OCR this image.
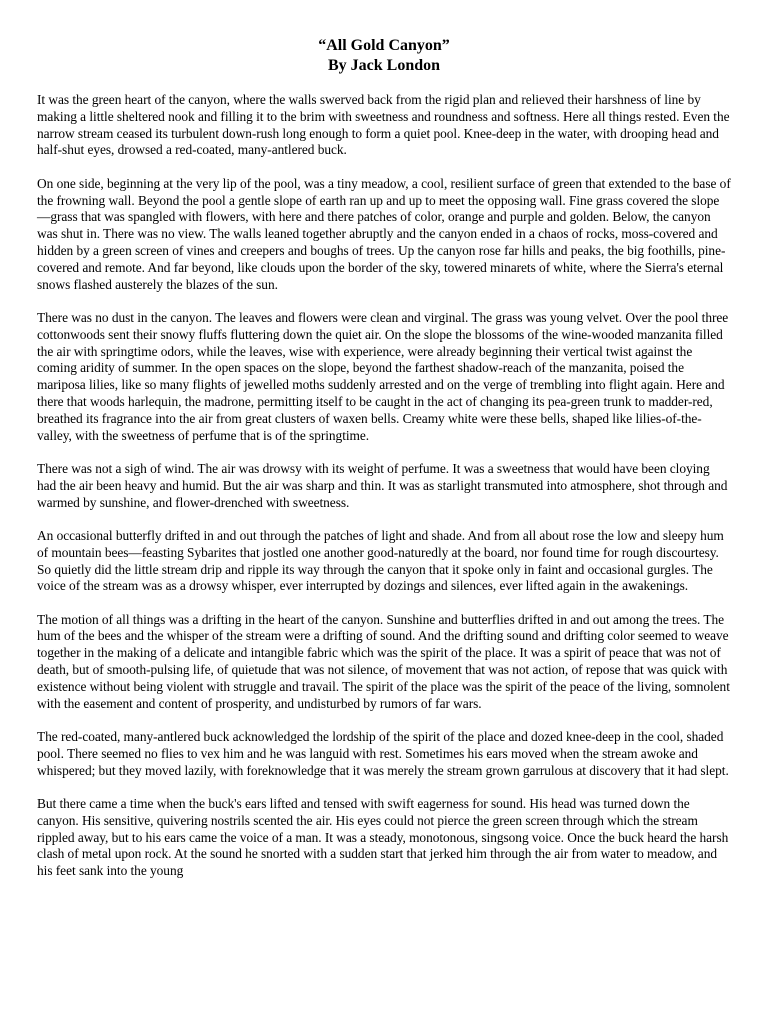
“All Gold Canyon”
By Jack London

It was the green heart of the canyon, where the walls swerved back from the rigid plan and relieved their harshness of line by making a little sheltered nook and filling it to the brim with sweetness and roundness and softness. Here all things rested. Even the narrow stream ceased its turbulent down-rush long enough to form a quiet pool. Knee-deep in the water, with drooping head and half-shut eyes, drowsed a red-coated, many-antlered buck.

On one side, beginning at the very lip of the pool, was a tiny meadow, a cool, resilient surface of green that extended to the base of the frowning wall. Beyond the pool a gentle slope of earth ran up and up to meet the opposing wall. Fine grass covered the slope—grass that was spangled with flowers, with here and there patches of color, orange and purple and golden. Below, the canyon was shut in. There was no view. The walls leaned together abruptly and the canyon ended in a chaos of rocks, moss-covered and hidden by a green screen of vines and creepers and boughs of trees. Up the canyon rose far hills and peaks, the big foothills, pine-covered and remote. And far beyond, like clouds upon the border of the sky, towered minarets of white, where the Sierra's eternal snows flashed austerely the blazes of the sun.

There was no dust in the canyon. The leaves and flowers were clean and virginal. The grass was young velvet. Over the pool three cottonwoods sent their snowy fluffs fluttering down the quiet air. On the slope the blossoms of the wine-wooded manzanita filled the air with springtime odors, while the leaves, wise with experience, were already beginning their vertical twist against the coming aridity of summer. In the open spaces on the slope, beyond the farthest shadow-reach of the manzanita, poised the mariposa lilies, like so many flights of jewelled moths suddenly arrested and on the verge of trembling into flight again. Here and there that woods harlequin, the madrone, permitting itself to be caught in the act of changing its pea-green trunk to madder-red, breathed its fragrance into the air from great clusters of waxen bells. Creamy white were these bells, shaped like lilies-of-the-valley, with the sweetness of perfume that is of the springtime.

There was not a sigh of wind. The air was drowsy with its weight of perfume. It was a sweetness that would have been cloying had the air been heavy and humid. But the air was sharp and thin. It was as starlight transmuted into atmosphere, shot through and warmed by sunshine, and flower-drenched with sweetness.

An occasional butterfly drifted in and out through the patches of light and shade. And from all about rose the low and sleepy hum of mountain bees—feasting Sybarites that jostled one another good-naturedly at the board, nor found time for rough discourtesy. So quietly did the little stream drip and ripple its way through the canyon that it spoke only in faint and occasional gurgles. The voice of the stream was as a drowsy whisper, ever interrupted by dozings and silences, ever lifted again in the awakenings.

The motion of all things was a drifting in the heart of the canyon. Sunshine and butterflies drifted in and out among the trees. The hum of the bees and the whisper of the stream were a drifting of sound. And the drifting sound and drifting color seemed to weave together in the making of a delicate and intangible fabric which was the spirit of the place. It was a spirit of peace that was not of death, but of smooth-pulsing life, of quietude that was not silence, of movement that was not action, of repose that was quick with existence without being violent with struggle and travail. The spirit of the place was the spirit of the peace of the living, somnolent with the easement and content of prosperity, and undisturbed by rumors of far wars.

The red-coated, many-antlered buck acknowledged the lordship of the spirit of the place and dozed knee-deep in the cool, shaded pool. There seemed no flies to vex him and he was languid with rest. Sometimes his ears moved when the stream awoke and whispered; but they moved lazily, with foreknowledge that it was merely the stream grown garrulous at discovery that it had slept.

But there came a time when the buck's ears lifted and tensed with swift eagerness for sound. His head was turned down the canyon. His sensitive, quivering nostrils scented the air. His eyes could not pierce the green screen through which the stream rippled away, but to his ears came the voice of a man. It was a steady, monotonous, singsong voice. Once the buck heard the harsh clash of metal upon rock. At the sound he snorted with a sudden start that jerked him through the air from water to meadow, and his feet sank into the young
